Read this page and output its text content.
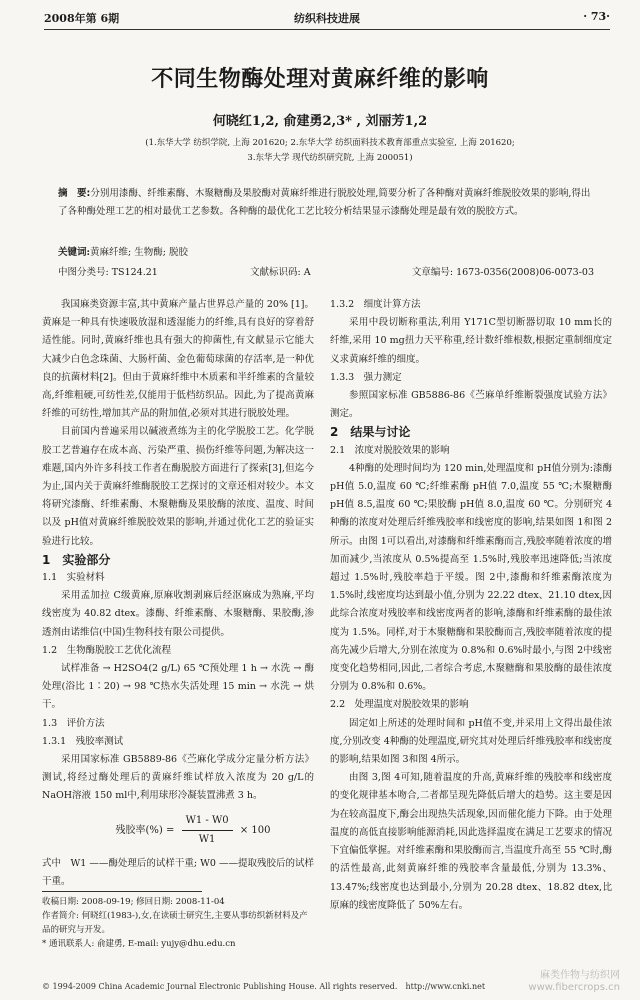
2008年第 6期	纺织科技进展	· 73·
不同生物酶处理对黄麻纤维的影响
何晓红1,2, 俞建勇2,3* , 刘丽芳1,2
(1.东华大学 纺织学院, 上海 201620; 2.东华大学 纺织面料技术教育部重点实验室, 上海 201620;
3.东华大学 现代纺织研究院, 上海 200051)
摘　要:分别用漆酶、纤维素酶、木聚糖酶及果胶酶对黄麻纤维进行脱胶处理,简要分析了各种酶对黄麻纤维脱胶效果的影响,得出了各种酶处理工艺的相对最优工艺参数。各种酶的最优化工艺比较分析结果显示漆酶处理是最有效的脱胶方式。
关键词:黄麻纤维; 生物酶; 脱胶
中图分类号: TS124.21	文献标识码: A	文章编号: 1673-0356(2008)06-0073-03

我国麻类资源丰富,其中黄麻产量占世界总产量的 20% [1]。黄麻是一种具有快速吸放湿和透湿能力的纤维,具有良好的穿着舒适性能。同时,黄麻纤维也具有强大的抑菌性,有文献显示它能大大减少白色念珠菌、大肠杆菌、金色葡萄球菌的存活率,是一种优良的抗菌材料[2]。但由于黄麻纤维中木质素和半纤维素的含量较高,纤维粗硬,可纺性差,仅能用于低档纺织品。因此,为了提高黄麻纤维的可纺性,增加其产品的附加值,必须对其进行脱胶处理。

目前国内普遍采用以碱液煮练为主的化学脱胶工艺。化学脱胶工艺普遍存在成本高、污染严重、损伤纤维等问题,为解决这一难题,国内外许多科技工作者在酶脱胶方面进行了探索[3],但迄今为止,国内关于黄麻纤维酶脱胶工艺探讨的文章还相对较少。本文将研究漆酶、纤维素酶、木聚糖酶及果胶酶的浓度、温度、时间以及 pH值对黄麻纤维脱胶效果的影响,并通过优化工艺的验证实验进行比较。

1　实验部分

1.1　实验材料

采用孟加拉 C级黄麻,原麻收割剥麻后经沤麻成为熟麻,平均线密度为 40.82 dtex。漆酶、纤维素酶、木聚糖酶、果胶酶,渗透剂由诺维信(中国)生物科技有限公司提供。

1.2　生物酶脱胶工艺优化流程

试样准备 → H2SO4(2 g/L) 65 ℃预处理 1 h → 水洗 → 酶处理(浴比 1∶20) → 98 ℃热水失活处理 15 min → 水洗 → 烘干。

1.3　评价方法

1.3.1　残胶率测试

采用国家标准 GB5889-86《苎麻化学成分定量分析方法》测试,将经过酶处理后的黄麻纤维试样放入浓度为 20 g/L的 NaOH溶液 150 ml中,利用球形冷凝装置沸煮 3 h。

残胶率(%) = $\frac{W1 - W0}{W1} \times 100$

式中　W1 ——酶处理后的试样干重; W0 ——提取残胶后的试样干重。

1.3.2　细度计算方法

采用中段切断称重法,利用 Y171C型切断器切取 10 mm长的纤维,采用 10 mg扭力天平称重,经计数纤维根数,根据定重制细度定义求黄麻纤维的细度。

1.3.3　强力测定

参照国家标准 GB5886-86《苎麻单纤维断裂强度试验方法》测定。

2　结果与讨论

2.1　浓度对脱胶效果的影响

4种酶的处理时间均为 120 min,处理温度和 pH值分别为:漆酶 pH值 5.0,温度 60 ℃;纤维素酶 pH值 7.0,温度 55 ℃;木聚糖酶 pH值 8.5,温度 60 ℃;果胶酶 pH值 8.0,温度 60 ℃。分别研究 4种酶的浓度对处理后纤维残胶率和线密度的影响,结果如图 1和图 2所示。由图 1可以看出,对漆酶和纤维素酶而言,残胶率随着浓度的增加而减少,当浓度从 0.5%提高至 1.5%时,残胶率迅速降低;当浓度超过 1.5%时,残胶率趋于平缓。图 2中,漆酶和纤维素酶浓度为 1.5%时,线密度均达到最小值,分别为 22.22 dtex、21.10 dtex,因此综合浓度对残胶率和线密度两者的影响,漆酶和纤维素酶的最佳浓度为 1.5%。同样,对于木聚糖酶和果胶酶而言,残胶率随着浓度的提高先减少后增大,分别在浓度为 0.8%和 0.6%时最小,与图 2中线密度变化趋势相同,因此,二者综合考虑,木聚糖酶和果胶酶的最佳浓度分别为 0.8%和 0.6%。

2.2　处理温度对脱胶效果的影响

固定如上所述的处理时间和 pH值不变,并采用上文得出最佳浓度,分别改变 4种酶的处理温度,研究其对处理后纤维残胶率和线密度的影响,结果如图 3和图 4所示。

由图 3,图 4可知,随着温度的升高,黄麻纤维的残胶率和线密度的变化规律基本吻合,二者都呈现先降低后增大的趋势。这主要是因为在较高温度下,酶会出现热失活现象,因而催化能力下降。由于处理温度的高低直接影响能源消耗,因此选择温度在满足工艺要求的情况下宜偏低掌握。对纤维素酶和果胶酶而言,当温度升高至 55 ℃时,酶的活性最高,此刻黄麻纤维的残胶率含量最低,分别为 13.3%、13.47%;线密度也达到最小,分别为 20.28 dtex、18.82 dtex,比原麻的线密度降低了 50%左右。

收稿日期: 2008-09-19; 修回日期: 2008-11-04
作者简介: 何晓红(1983-),女,在读硕士研究生,主要从事纺织新材料及产品的研究与开发。
* 通讯联系人: 俞建勇, E-mail: yujy@dhu.edu.cn
© 1994-2009 China Academic Journal Electronic Publishing House. All rights reserved.　http://www.cnki.net
麻类作物与纺织网
www.fibercrops.cn
